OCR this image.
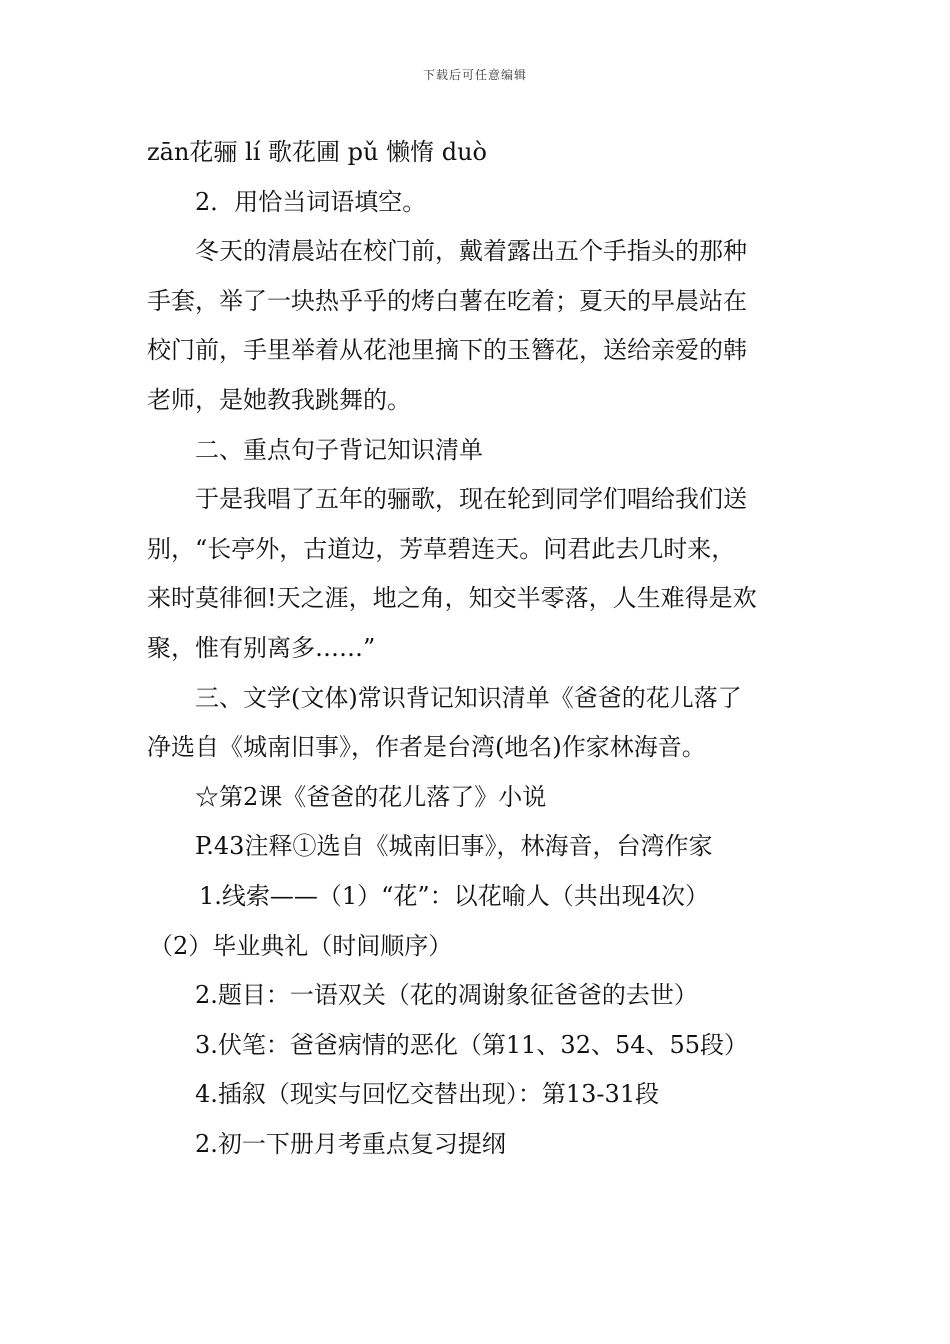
下载后可任意编辑
zān花骊 lí 歌花圃 pǔ 懒惰 duò
2．用恰当词语填空。
冬天的清晨站在校门前，戴着露出五个手指头的那种
手套，举了一块热乎乎的烤白薯在吃着；夏天的早晨站在
校门前，手里举着从花池里摘下的玉簪花，送给亲爱的韩
老师，是她教我跳舞的。
二、重点句子背记知识清单
于是我唱了五年的骊歌，现在轮到同学们唱给我们送
别，“长亭外，古道边，芳草碧连天。问君此去几时来，
来时莫徘徊!天之涯，地之角，知交半零落，人生难得是欢
聚，惟有别离多……”
三、文学(文体)常识背记知识清单《爸爸的花儿落了
净选自《城南旧事》，作者是台湾(地名)作家林海音。
☆第2课《爸爸的花儿落了》小说
P.43注释①选自《城南旧事》，林海音，台湾作家
1.线索——（1）“花”：以花喻人（共出现4次）
（2）毕业典礼（时间顺序）
2.题目：一语双关（花的凋谢象征爸爸的去世）
3.伏笔：爸爸病情的恶化（第11、32、54、55段）
4.插叙（现实与回忆交替出现）：第13-31段
2.初一下册月考重点复习提纲
